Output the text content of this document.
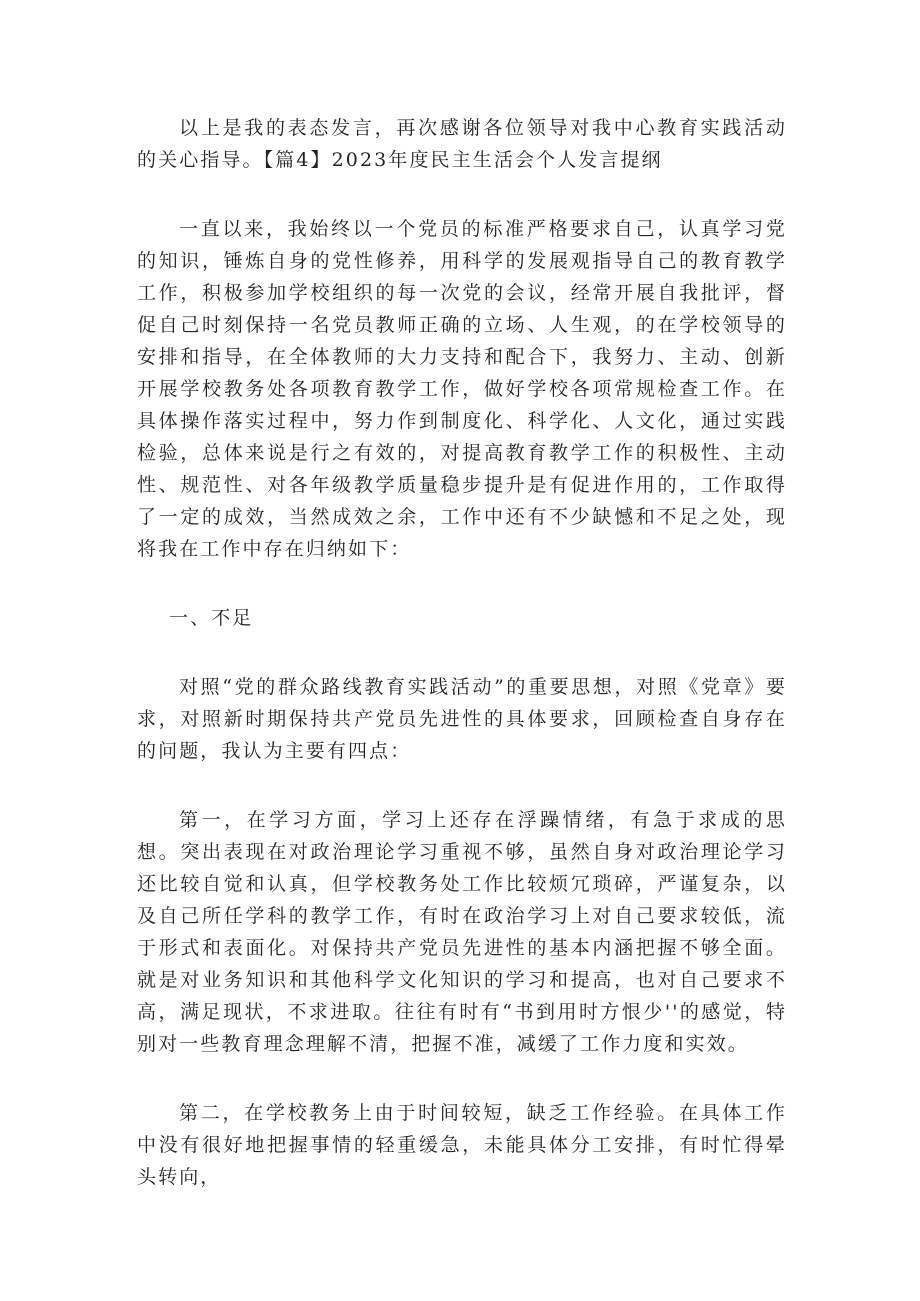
以上是我的表态发言，再次感谢各位领导对我中心教育实践活动的关心指导。【篇4】2023年度民主生活会个人发言提纲

一直以来，我始终以一个党员的标准严格要求自己，认真学习党的知识，锤炼自身的党性修养，用科学的发展观指导自己的教育教学工作，积极参加学校组织的每一次党的会议，经常开展自我批评，督促自己时刻保持一名党员教师正确的立场、人生观，的在学校领导的安排和指导，在全体教师的大力支持和配合下，我努力、主动、创新开展学校教务处各项教育教学工作，做好学校各项常规检查工作。在具体操作落实过程中，努力作到制度化、科学化、人文化，通过实践检验，总体来说是行之有效的，对提高教育教学工作的积极性、主动性、规范性、对各年级教学质量稳步提升是有促进作用的，工作取得了一定的成效，当然成效之余，工作中还有不少缺憾和不足之处，现将我在工作中存在归纳如下：

一、不足

对照“党的群众路线教育实践活动”的重要思想，对照《党章》要求，对照新时期保持共产党员先进性的具体要求，回顾检查自身存在的问题，我认为主要有四点：

第一，在学习方面，学习上还存在浮躁情绪，有急于求成的思想。突出表现在对政治理论学习重视不够，虽然自身对政治理论学习还比较自觉和认真，但学校教务处工作比较烦冗琐碎，严谨复杂，以及自己所任学科的教学工作，有时在政治学习上对自己要求较低，流于形式和表面化。对保持共产党员先进性的基本内涵把握不够全面。就是对业务知识和其他科学文化知识的学习和提高，也对自己要求不高，满足现状，不求进取。往往有时有“书到用时方恨少''的感觉，特别对一些教育理念理解不清，把握不准，减缓了工作力度和实效。

第二，在学校教务上由于时间较短，缺乏工作经验。在具体工作中没有很好地把握事情的轻重缓急，未能具体分工安排，有时忙得晕头转向，
